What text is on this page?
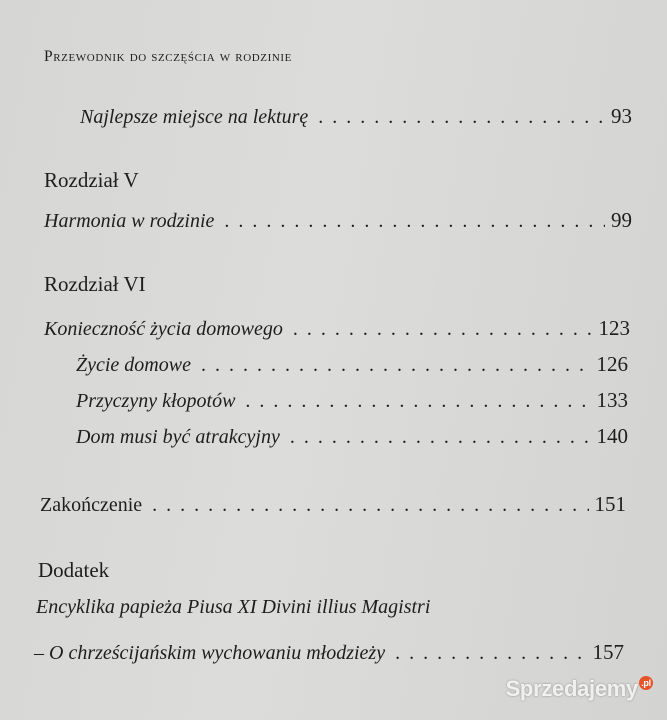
Przewodnik do szczęścia w rodzinie
Najlepsze miejsce na lekturę . . .	93
Rozdział V
Harmonia w rodzinie . . .	99
Rozdział VI
Konieczność życia domowego . . .	123
Życie domowe . . .	126
Przyczyny kłopotów . . .	133
Dom musi być atrakcyjny . . .	140
Zakończenie . . .	151
Dodatek
Encyklika papieża Piusa XI Divini illius Magistri
– O chrześcijańskim wychowaniu młodzieży . . .	157
Sprzedajemy .pl
